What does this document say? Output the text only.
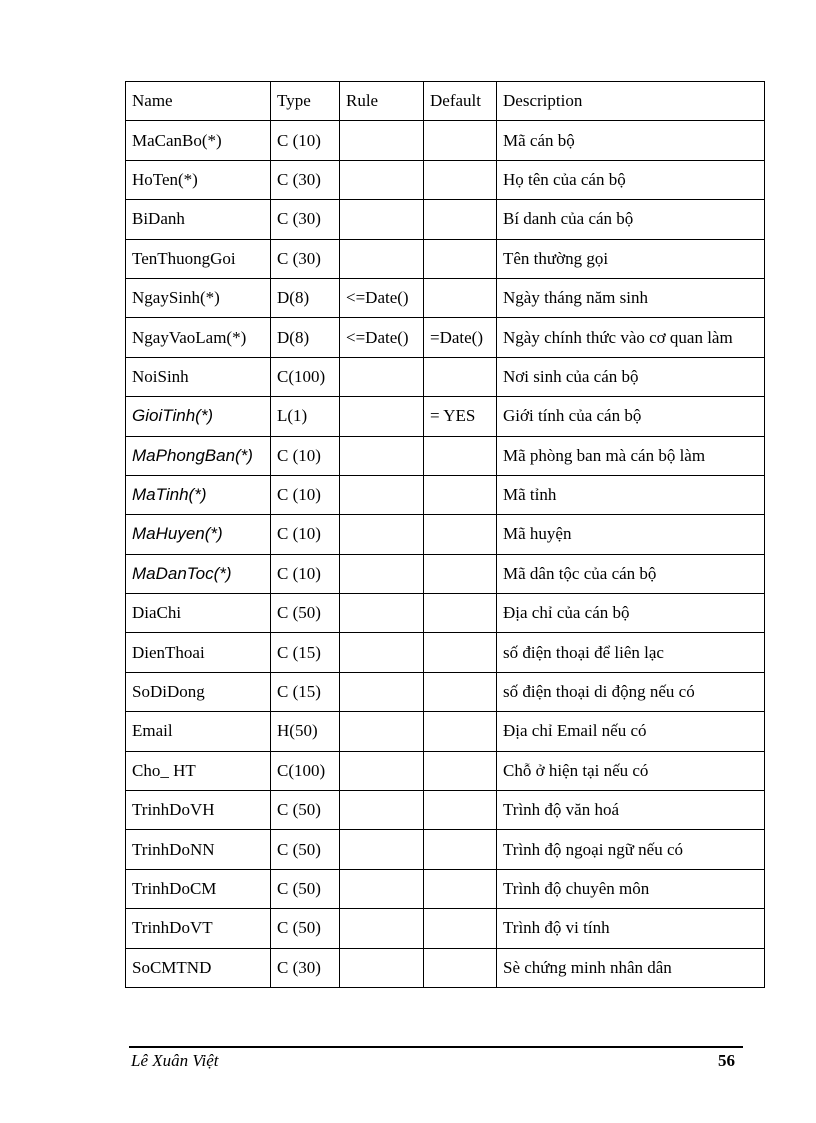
Name	Type	Rule	Default	Description
MaCanBo(*)	C (10)			Mã cán bộ
HoTen(*)	C (30)			Họ tên của cán bộ
BiDanh	C (30)			Bí danh của cán bộ
TenThuongGoi	C (30)			Tên thường gọi
NgaySinh(*)	D(8)	<=Date()		Ngày tháng năm sinh
NgayVaoLam(*)	D(8)	<=Date()	=Date()	Ngày chính thức vào cơ quan làm
NoiSinh	C(100)			Nơi sinh của cán bộ
GioiTinh(*)	L(1)		= YES	Giới tính của cán bộ
MaPhongBan(*)	C (10)			Mã phòng ban mà cán bộ làm
MaTinh(*)	C (10)			Mã tỉnh
MaHuyen(*)	C (10)			Mã huyện
MaDanToc(*)	C (10)			Mã dân tộc của cán bộ
DiaChi	C (50)			Địa chỉ của cán bộ
DienThoai	C (15)			số điện thoại để liên lạc
SoDiDong	C (15)			số điện thoại di động nếu có
Email	H(50)			Địa chỉ Email nếu có
Cho_ HT	C(100)			Chỗ ở hiện tại nếu có
TrinhDoVH	C (50)			Trình độ văn hoá
TrinhDoNN	C (50)			Trình độ ngoại ngữ nếu có
TrinhDoCM	C (50)			Trình độ chuyên môn
TrinhDoVT	C (50)			Trình độ vi tính
SoCMTND	C (30)			Sè chứng minh nhân dân
Lê Xuân Việt	56
